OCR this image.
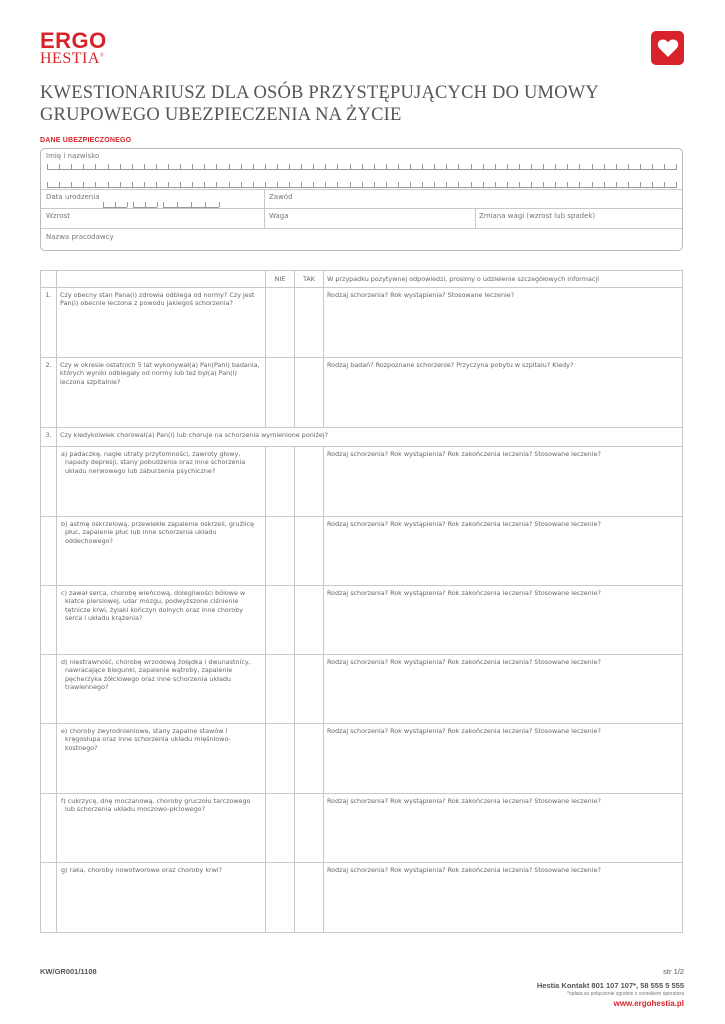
ERGO
HESTIA®
KWESTIONARIUSZ DLA OSÓB PRZYSTĘPUJĄCYCH DO UMOWY GRUPOWEGO UBEZPIECZENIA NA ŻYCIE
DANE UBEZPIECZONEGO
Imię i nazwisko
Data urodzenia	Zawód
Wzrost	Waga	Zmiana wagi (wzrost lub spadek)
Nazwa pracodawcy
		NIE	TAK	W przypadku pozytywnej odpowiedzi, prosimy o udzielenie szczegółowych informacji
1.	Czy obecny stan Pana(i) zdrowia odbiega od normy? Czy jest Pan(i) obecnie leczona z powodu jakiegoś schorzenia?			Rodzaj schorzenia? Rok wystąpienia? Stosowane leczenie?
2.	Czy w okresie ostatnich 5 lat wykonywał(a) Pan(Pani) badania, których wyniki odbiegały od normy lub też był(a) Pan(i) leczona szpitalnie?			Rodzaj badań? Rozpoznane schorzenie? Przyczyna pobytu w szpitalu? Kiedy?
3.	Czy kiedykolwiek chorował(a) Pan(i) lub choruje na schorzenia wymienione poniżej?			
	a) padaczkę, nagłe utraty przytomności, zawroty głowy, napady depresji, stany pobudzenia oraz inne schorzenia układu nerwowego lub zaburzenia psychiczne?			Rodzaj schorzenia? Rok wystąpienia? Rok zakończenia leczenia? Stosowane leczenie?
	b) astmę oskrzelową, przewlekłe zapalenie oskrzeli, gruźlicę płuc, zapalenie płuc lub inne schorzenia układu oddechowego?			Rodzaj schorzenia? Rok wystąpienia? Rok zakończenia leczenia? Stosowane leczenie?
	c) zawał serca, chorobę wieńcową, dolegliwości bólowe w klatce piersiowej, udar mózgu, podwyższone ciśnienie tętnicze krwi, żylaki kończyn dolnych oraz inne choroby serca i układu krążenia?			Rodzaj schorzenia? Rok wystąpienia? Rok zakończenia leczenia? Stosowane leczenie?
	d) niestrawność, chorobę wrzodową żołądka i dwunastnicy, nawracające biegunki, zapalenie wątroby, zapalenie pęcherzyka żółciowego oraz inne schorzenia układu trawiennego?			Rodzaj schorzenia? Rok wystąpienia? Rok zakończenia leczenia? Stosowane leczenie?
	e) choroby zwyrodnieniowe, stany zapalne stawów i kręgosłupa oraz inne schorzenia układu mięśniowo-kostnego?			Rodzaj schorzenia? Rok wystąpienia? Rok zakończenia leczenia? Stosowane leczenie?
	f) cukrzycę, dnę moczanową, choroby gruczołu tarczowego lub schorzenia układu moczowo-płciowego?			Rodzaj schorzenia? Rok wystąpienia? Rok zakończenia leczenia? Stosowane leczenie?
	g) raka, choroby nowotworowe oraz choroby krwi?			Rodzaj schorzenia? Rok wystąpienia? Rok zakończenia leczenia? Stosowane leczenie?
KW/GR001/1108	str 1/2
Hestia Kontakt 801 107 107*, 58 555 5 555
*opłata za połączenie zgodnie z cennikiem operatora
www.ergohestia.pl
